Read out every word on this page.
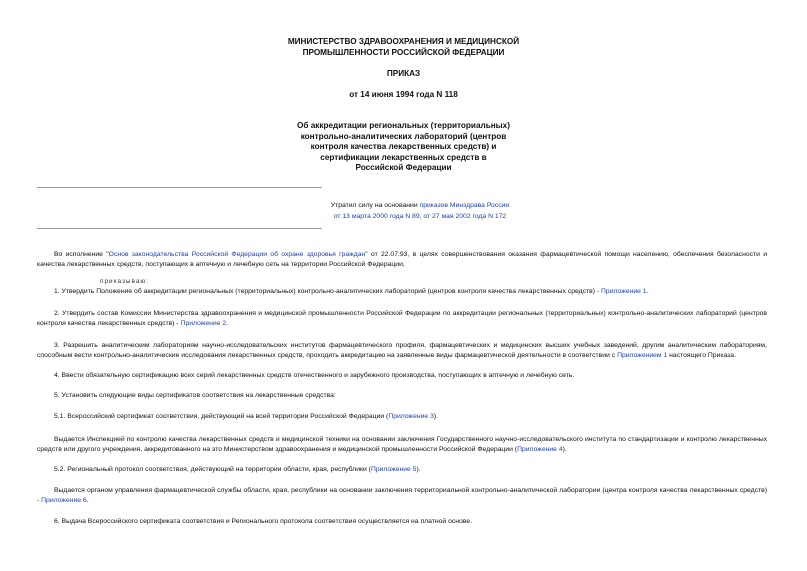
МИНИСТЕРСТВО ЗДРАВООХРАНЕНИЯ И МЕДИЦИНСКОЙ
ПРОМЫШЛЕННОСТИ РОССИЙСКОЙ ФЕДЕРАЦИИ
ПРИКАЗ
от 14 июня 1994 года N 118
Об аккредитации региональных (территориальных)
контрольно-аналитических лабораторий (центров
контроля качества лекарственных средств) и
сертификации лекарственных средств в
Российской Федерации
Утратил силу на основании приказов Минздрава России
от 13 марта 2000 года N 89, от 27 мая 2002 года N 172
Во исполнение "Основ законодательства Российской Федерации об охране здоровья граждан" от 22.07.93, в целях совершенствования оказания фармацевтической помощи населению, обеспечения безопасности и качества лекарственных средств, поступающих в аптечную и лечебную сеть на территории Российской Федерации,
приказываю:
1. Утвердить Положение об аккредитации региональных (территориальных) контрольно-аналитических лабораторий (центров контроля качества лекарственных средств) - Приложение 1.
2. Утвердить состав Комиссии Министерства здравоохранения и медицинской промышленности Российской Федерации по аккредитации региональных (территориальных) контрольно-аналитических лабораторий (центров контроля качества лекарственных средств) - Приложение 2.
3. Разрешить аналитическим лабораториям научно-исследовательских институтов фармацевтического профиля, фармацевтических и медицинских высших учебных заведений, другим аналитическим лабораториям, способным вести контрольно-аналитические исследования лекарственных средств, проходить аккредитацию на заявленные виды фармацевтической деятельности в соответствии с Приложением 1 настоящего Приказа.
4. Ввести обязательную сертификацию всех серий лекарственных средств отечественного и зарубежного производства, поступающих в аптечную и лечебную сеть.
5. Установить следующие виды сертификатов соответствия на лекарственные средства:
5.1. Всероссийский сертификат соответствия, действующий на всей территории Российской Федерации (Приложение 3).
Выдается Инспекцией по контролю качества лекарственных средств и медицинской техники на основании заключения Государственного научно-исследовательского института по стандартизации и контролю лекарственных средств или другого учреждения, аккредитованного на это Министерством здравоохранения и медицинской промышленности Российской Федерации (Приложение 4).
5.2. Региональный протокол соответствия, действующий на территории области, края, республики (Приложение 5).
Выдается органом управления фармацевтической службы области, края, республики на основании заключения территориальной контрольно-аналитической лаборатории (центра контроля качества лекарственных средств) - Приложение 6.
6. Выдача Всероссийского сертификата соответствия и Регионального протокола соответствия осуществляется на платной основе.
